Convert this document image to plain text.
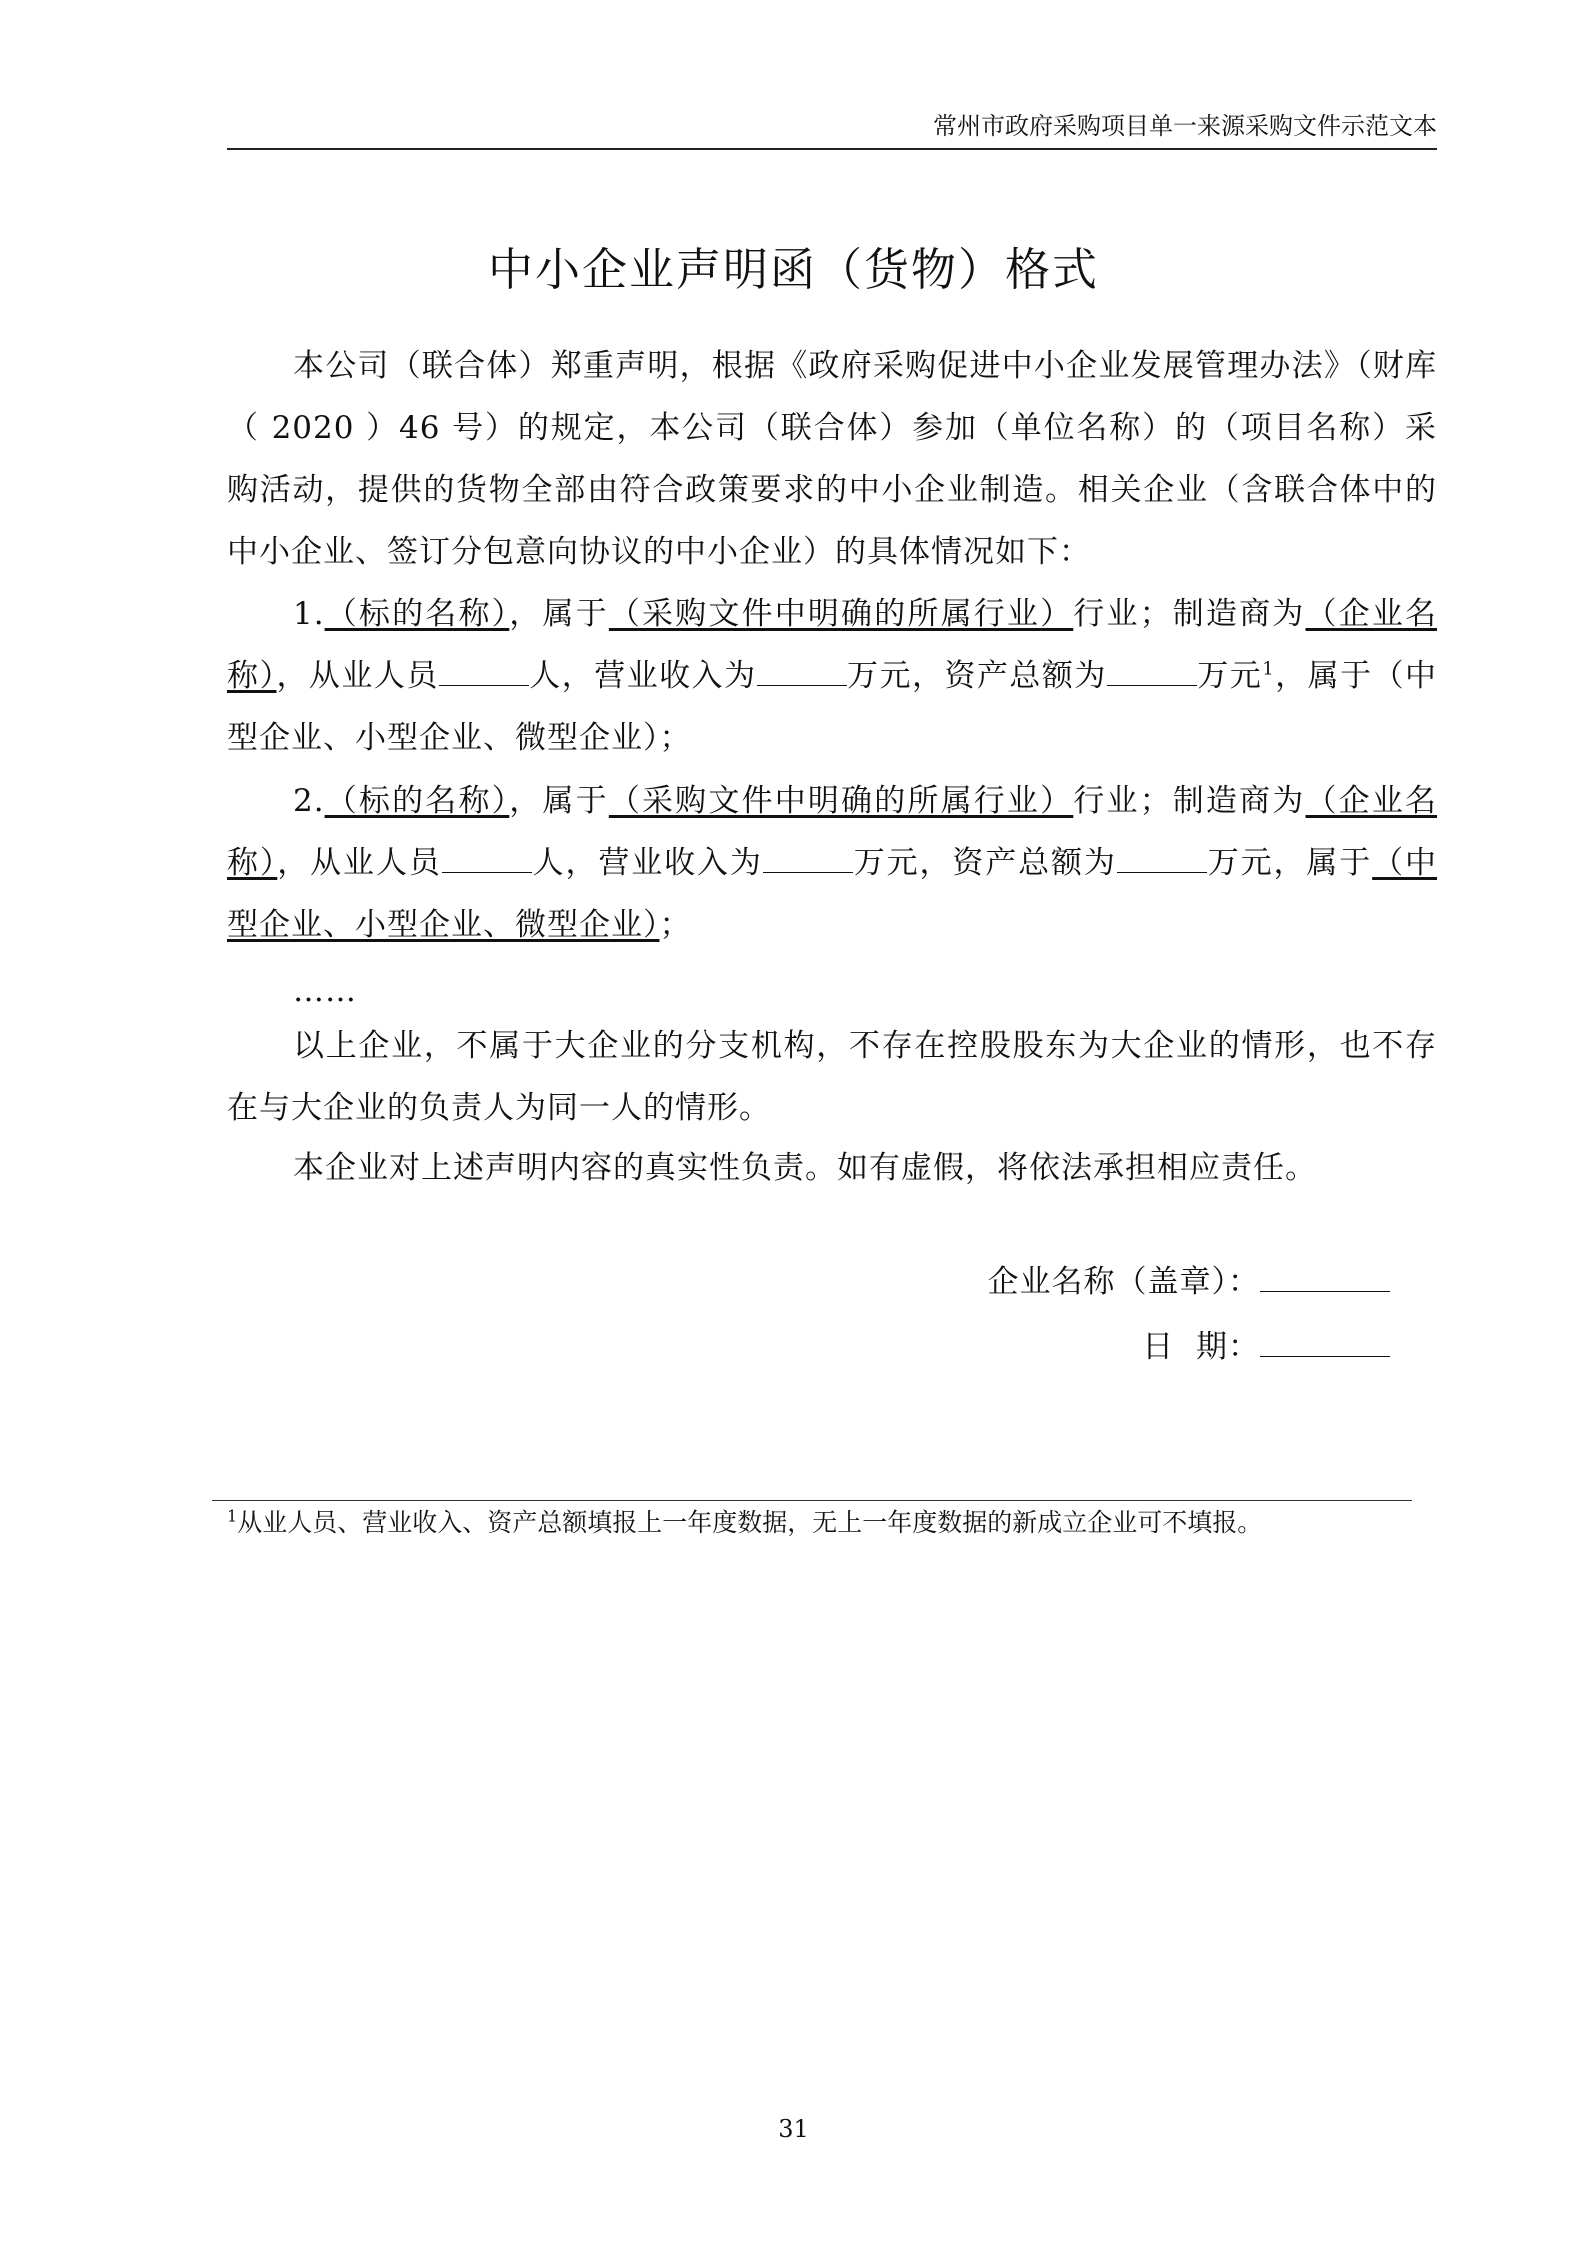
常州市政府采购项目单一来源采购文件示范文本
中小企业声明函（货物）格式
本公司（联合体）郑重声明，根据《政府采购促进中小企业发展管理办法》（财库（ 2020 ）46 号）的规定，本公司（联合体）参加（单位名称）的（项目名称）采购活动，提供的货物全部由符合政策要求的中小企业制造。相关企业（含联合体中的中小企业、签订分包意向协议的中小企业）的具体情况如下：
1.（标的名称），属于（采购文件中明确的所属行业）行业；制造商为（企业名称），从业人员	人，营业收入为	万元，资产总额为	万元$^1$，属于（中型企业、小型企业、微型企业）；
2.（标的名称），属于（采购文件中明确的所属行业）行业；制造商为（企业名称），从业人员	人，营业收入为	万元，资产总额为	万元，属于（中型企业、小型企业、微型企业）；
……
以上企业，不属于大企业的分支机构，不存在控股股东为大企业的情形，也不存在与大企业的负责人为同一人的情形。
本企业对上述声明内容的真实性负责。如有虚假，将依法承担相应责任。
企业名称（盖章）：
日  期：
$^1$从业人员、营业收入、资产总额填报上一年度数据，无上一年度数据的新成立企业可不填报。
31
